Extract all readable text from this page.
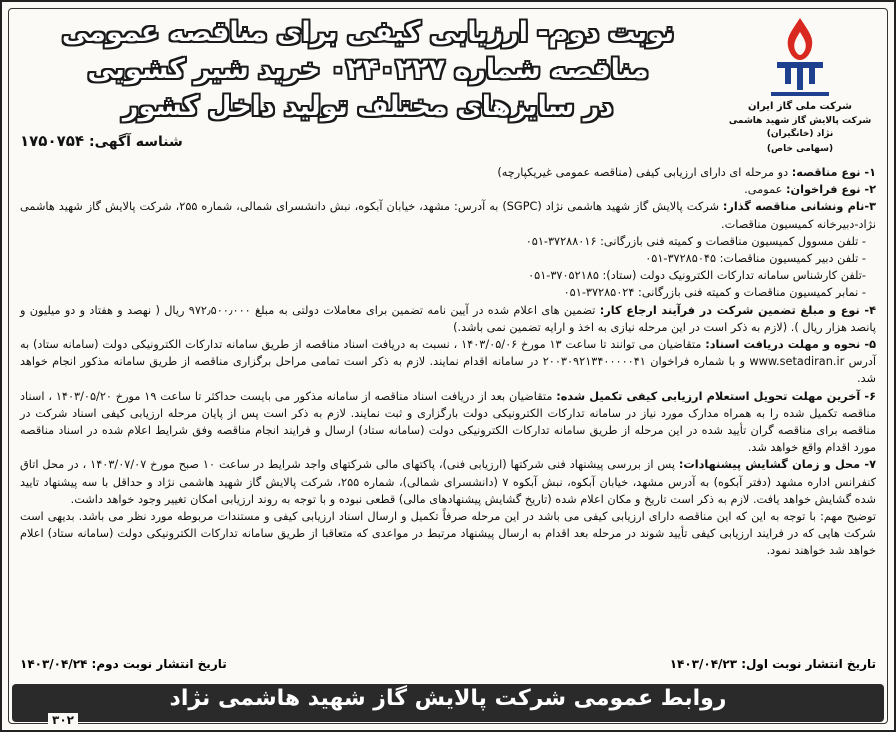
شرکت ملی گاز ایران
شرکت پالایش گاز شهید هاشمی نژاد (خانگیران)
(سهامی خاص)
نوبت دوم- ارزیابی کیفی برای مناقصه عمومی
مناقصه شماره ۰۲۴۰۲۲۷ خرید شیر کشویی
در سایزهای مختلف تولید داخل کشور
شناسه آگهی: ۱۷۵۰۷۵۴

۱- نوع مناقصه: دو مرحله ای دارای ارزیابی کیفی (مناقصه عمومی غیریکپارچه)

۲- نوع فراخوان: عمومی.

۳-نام ونشانی مناقصه گذار: شرکت پالایش گاز شهید هاشمی نژاد (SGPC) به آدرس: مشهد، خیابان آبکوه، نبش دانشسرای شمالی، شماره ۲۵۵، شرکت پالایش گاز شهید هاشمی نژاد-دبیرخانه کمیسیون مناقصات.

- تلفن مسوول کمیسیون مناقصات و کمیته فنی بازرگانی: ۳۷۲۸۸۰۱۶-۰۵۱

- تلفن دبیر کمیسیون مناقصات: ۳۷۲۸۵۰۴۵-۰۵۱

-تلفن کارشناس سامانه تدارکات الکترونیک دولت (ستاد): ۳۷۰۵۲۱۸۵-۰۵۱

- نمابر کمیسیون مناقصات و کمیته فنی بازرگانی: ۳۷۲۸۵۰۲۴-۰۵۱

۴- نوع و مبلغ تضمین شرکت در فرآیند ارجاع کار: تضمین های اعلام شده در آیین نامه تضمین برای معاملات دولتی به مبلغ ۹۷۲٫۵۰۰٫۰۰۰ ریال ( نهصد و هفتاد و دو میلیون و پانصد هزار ریال ). (لازم به ذکر است در این مرحله نیازی به اخذ و ارایه تضمین نمی باشد.)

۵- نحوه و مهلت دریافت اسناد: متقاضیان می توانند تا ساعت ۱۳ مورخ ۱۴۰۳/۰۵/۰۶ ، نسبت به دریافت اسناد مناقصه از طریق سامانه تدارکات الکترونیکی دولت (سامانه ستاد) به آدرس www.setadiran.ir و با شماره فراخوان ۲۰۰۳۰۹۲۱۳۴۰۰۰۰۰۴۱ در سامانه اقدام نمایند. لازم به ذکر است تمامی مراحل برگزاری مناقصه از طریق سامانه مذکور انجام خواهد شد.

۶- آخرین مهلت تحویل استعلام ارزیابی کیفی تکمیل شده: متقاضیان بعد از دریافت اسناد مناقصه از سامانه مذکور می بایست حداکثر تا ساعت ۱۹ مورخ ۱۴۰۳/۰۵/۲۰ ، اسناد مناقصه تکمیل شده را به همراه مدارک مورد نیاز در سامانه تدارکات الکترونیکی دولت بارگزاری و ثبت نمایند. لازم به ذکر است پس از پایان مرحله ارزیابی کیفی اسناد شرکت در مناقصه برای مناقصه گران تأیید شده در این مرحله از طریق سامانه تدارکات الکترونیکی دولت (سامانه ستاد) ارسال و فرایند انجام مناقصه وفق شرایط اعلام شده در اسناد مناقصه مورد اقدام واقع خواهد شد.

۷- محل و زمان گشایش پیشنهادات: پس از بررسی پیشنهاد فنی شرکتها (ارزیابی فنی)، پاکتهای مالی شرکتهای واجد شرایط در ساعت ۱۰ صبح مورخ ۱۴۰۳/۰۷/۰۷ ، در محل اتاق کنفرانس اداره مشهد (دفتر آبکوه) به آدرس مشهد، خیابان آبکوه، نبش آبکوه ۷ (دانشسرای شمالی)، شماره ۲۵۵، شرکت پالایش گاز شهید هاشمی نژاد و حداقل با سه پیشنهاد تایید شده گشایش خواهد یافت. لازم به ذکر است تاریخ و مکان اعلام شده (تاریخ گشایش پیشنهادهای مالی) قطعی نبوده و با توجه به روند ارزیابی امکان تغییر وجود خواهد داشت.

توضیح مهم: با توجه به این که این مناقصه دارای ارزیابی کیفی می باشد در این مرحله صرفاً تکمیل و ارسال اسناد ارزیابی کیفی و مستندات مربوطه مورد نظر می باشد. بدیهی است شرکت هایی که در فرایند ارزیابی کیفی تأیید شوند در مرحله بعد اقدام به ارسال پیشنهاد مرتبط در مواعدی که متعاقبا از طریق سامانه تدارکات الکترونیکی دولت (سامانه ستاد) اعلام خواهد شد خواهند نمود.

تاریخ انتشار نوبت اول: ۱۴۰۳/۰۴/۲۳
تاریخ انتشار نوبت دوم: ۱۴۰۳/۰۴/۲۴
روابط عمومی شرکت پالایش گاز شهید هاشمی نژاد
۳۰۲
